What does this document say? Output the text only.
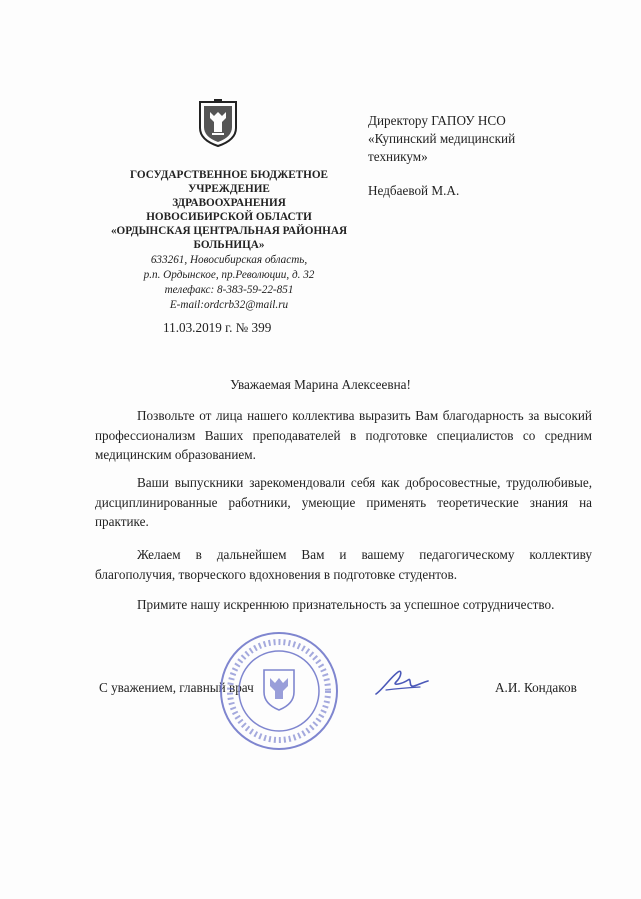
ГОСУДАРСТВЕННОЕ БЮДЖЕТНОЕ
УЧРЕЖДЕНИЕ
ЗДРАВООХРАНЕНИЯ
НОВОСИБИРСКОЙ ОБЛАСТИ
«ОРДЫНСКАЯ ЦЕНТРАЛЬНАЯ РАЙОННАЯ
БОЛЬНИЦА»
633261, Новосибирская область,
р.п. Ордынское, пр.Революции, д. 32
телефакс: 8-383-59-22-851
E-mail:ordcrb32@mail.ru
11.03.2019 г. № 399
Директору ГАПОУ НСО
«Купинский медицинский
техникум»
Недбаевой М.А.
Уважаемая Марина Алексеевна!

Позвольте от лица нашего коллектива выразить Вам благодарность за высокий профессионализм Ваших преподавателей в подготовке специалистов со средним медицинским образованием.

Ваши выпускники зарекомендовали себя как добросовестные, трудолюбивые, дисциплинированные работники, умеющие применять теоретические знания на практике.

Желаем в дальнейшем Вам и вашему педагогическому коллективу благополучия, творческого вдохновения в подготовке студентов.

Примите нашу искреннюю признательность за успешное сотрудничество.

С уважением, главный врач	А.И. Кондаков
